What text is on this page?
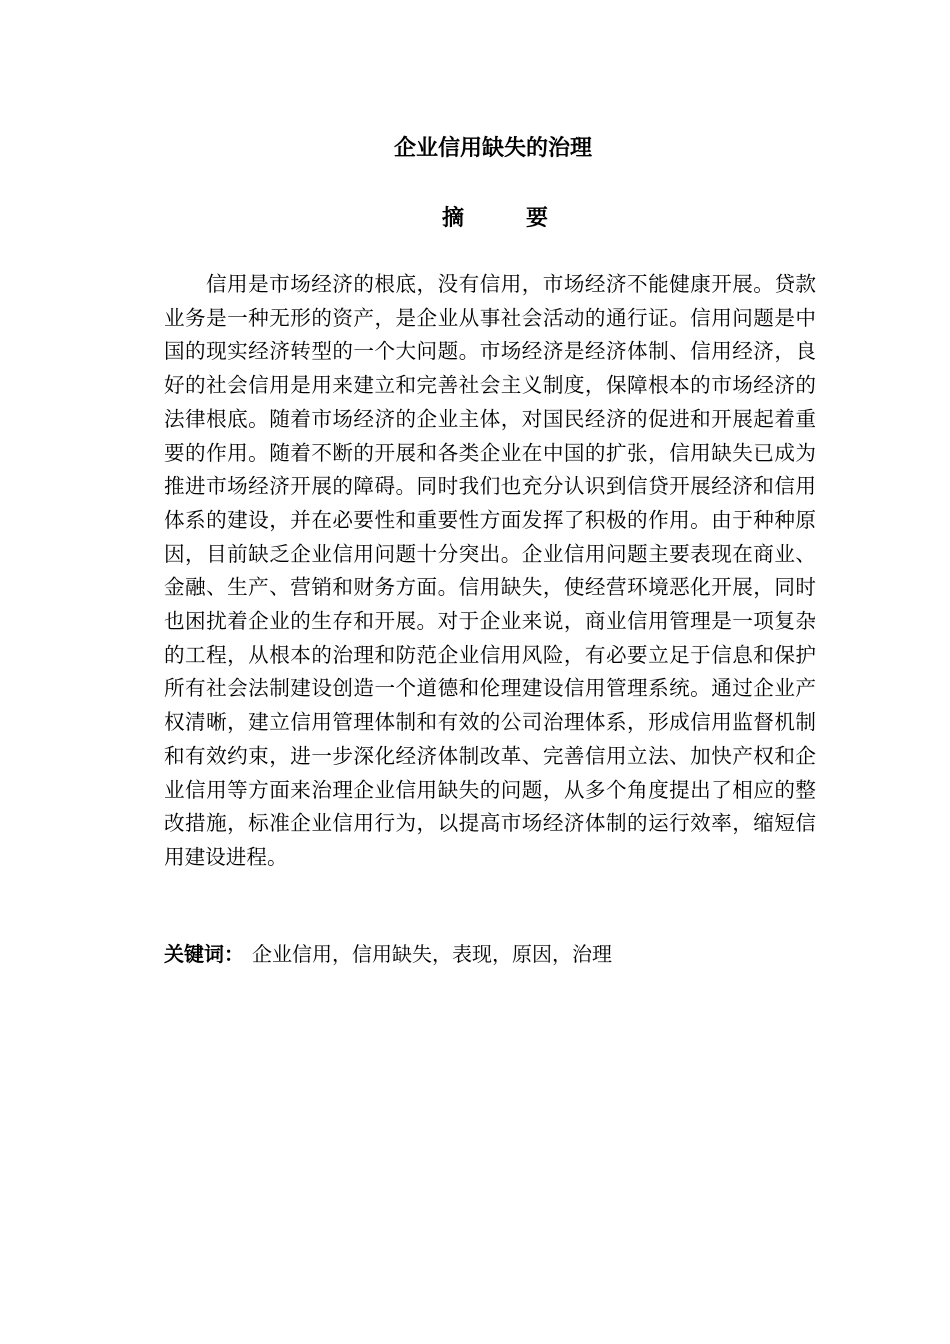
企业信用缺失的治理
摘	要

信用是市场经济的根底，没有信用，市场经济不能健康开展。贷款业务是一种无形的资产，是企业从事社会活动的通行证。信用问题是中国的现实经济转型的一个大问题。市场经济是经济体制、信用经济，良好的社会信用是用来建立和完善社会主义制度，保障根本的市场经济的法律根底。随着市场经济的企业主体，对国民经济的促进和开展起着重要的作用。随着不断的开展和各类企业在中国的扩张，信用缺失已成为推进市场经济开展的障碍。同时我们也充分认识到信贷开展经济和信用体系的建设，并在必要性和重要性方面发挥了积极的作用。由于种种原因，目前缺乏企业信用问题十分突出。企业信用问题主要表现在商业、金融、生产、营销和财务方面。信用缺失，使经营环境恶化开展，同时也困扰着企业的生存和开展。对于企业来说，商业信用管理是一项复杂的工程，从根本的治理和防范企业信用风险，有必要立足于信息和保护所有社会法制建设创造一个道德和伦理建设信用管理系统。通过企业产权清晰，建立信用管理体制和有效的公司治理体系，形成信用监督机制和有效约束，进一步深化经济体制改革、完善信用立法、加快产权和企业信用等方面来治理企业信用缺失的问题，从多个角度提出了相应的整改措施，标准企业信用行为，以提高市场经济体制的运行效率，缩短信用建设进程。

关键词： 企业信用，信用缺失，表现，原因，治理
